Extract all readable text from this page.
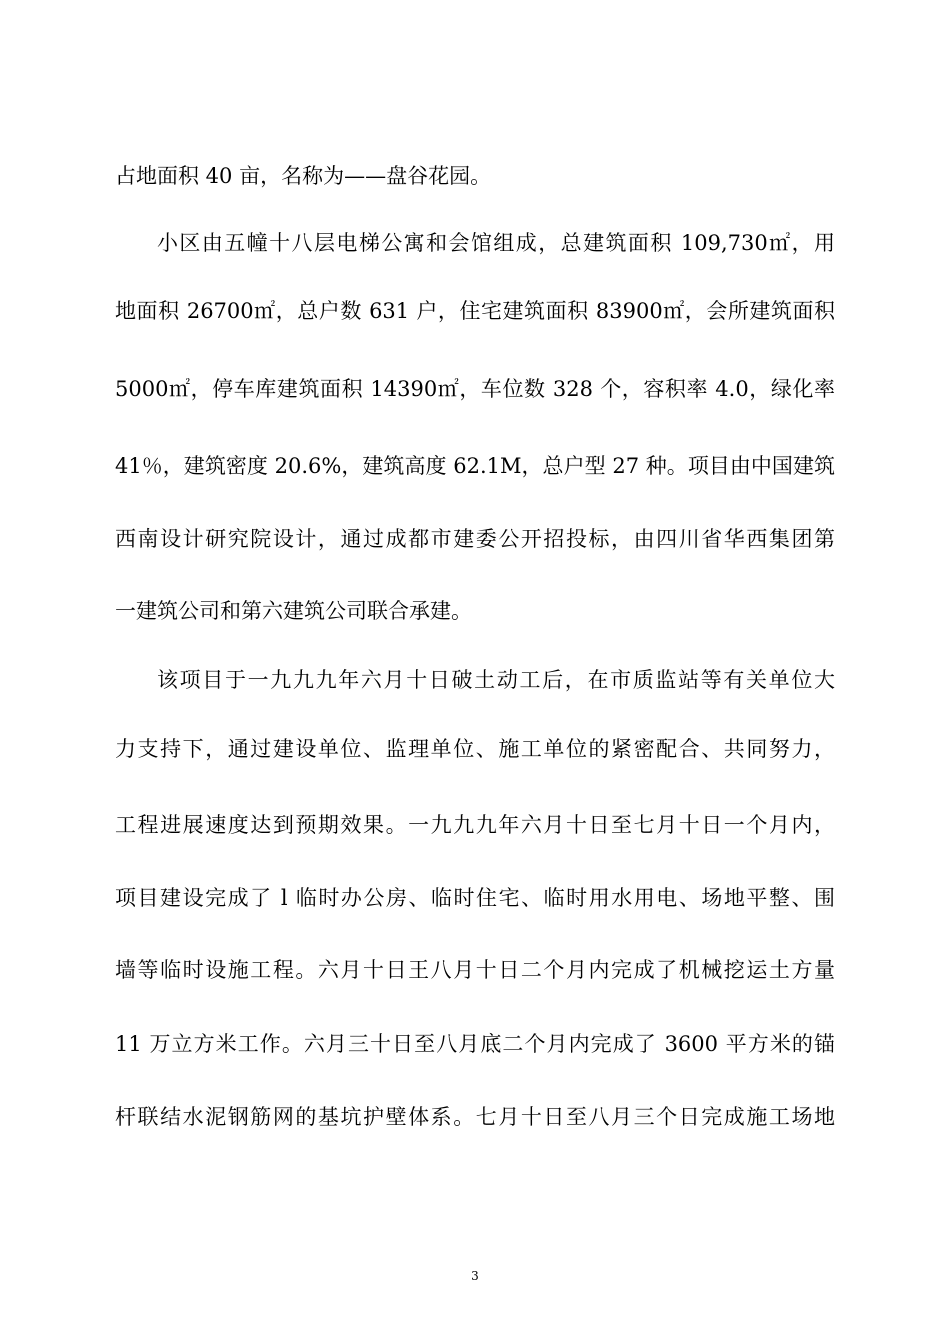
占地面积 40 亩，名称为——盘谷花园。
小区由五幢十八层电梯公寓和会馆组成，总建筑面积 109,730㎡，用
地面积 26700㎡，总户数 631 户，住宅建筑面积 83900㎡，会所建筑面积
5000㎡，停车库建筑面积 14390㎡，车位数 328 个，容积率 4.0，绿化率
41％，建筑密度 20.6%，建筑高度 62.1M，总户型 27 种。项目由中国建筑
西南设计研究院设计，通过成都市建委公开招投标，由四川省华西集团第
一建筑公司和第六建筑公司联合承建。
该项目于一九九九年六月十日破土动工后，在市质监站等有关单位大
力支持下，通过建设单位、监理单位、施工单位的紧密配合、共同努力，
工程进展速度达到预期效果。一九九九年六月十日至七月十日一个月内，
项目建设完成了 l 临时办公房、临时住宅、临时用水用电、场地平整、围
墙等临时设施工程。六月十日王八月十日二个月内完成了机械挖运土方量
11 万立方米工作。六月三十日至八月底二个月内完成了 3600 平方米的锚
杆联结水泥钢筋网的基坑护壁体系。七月十日至八月三个日完成施工场地
3
